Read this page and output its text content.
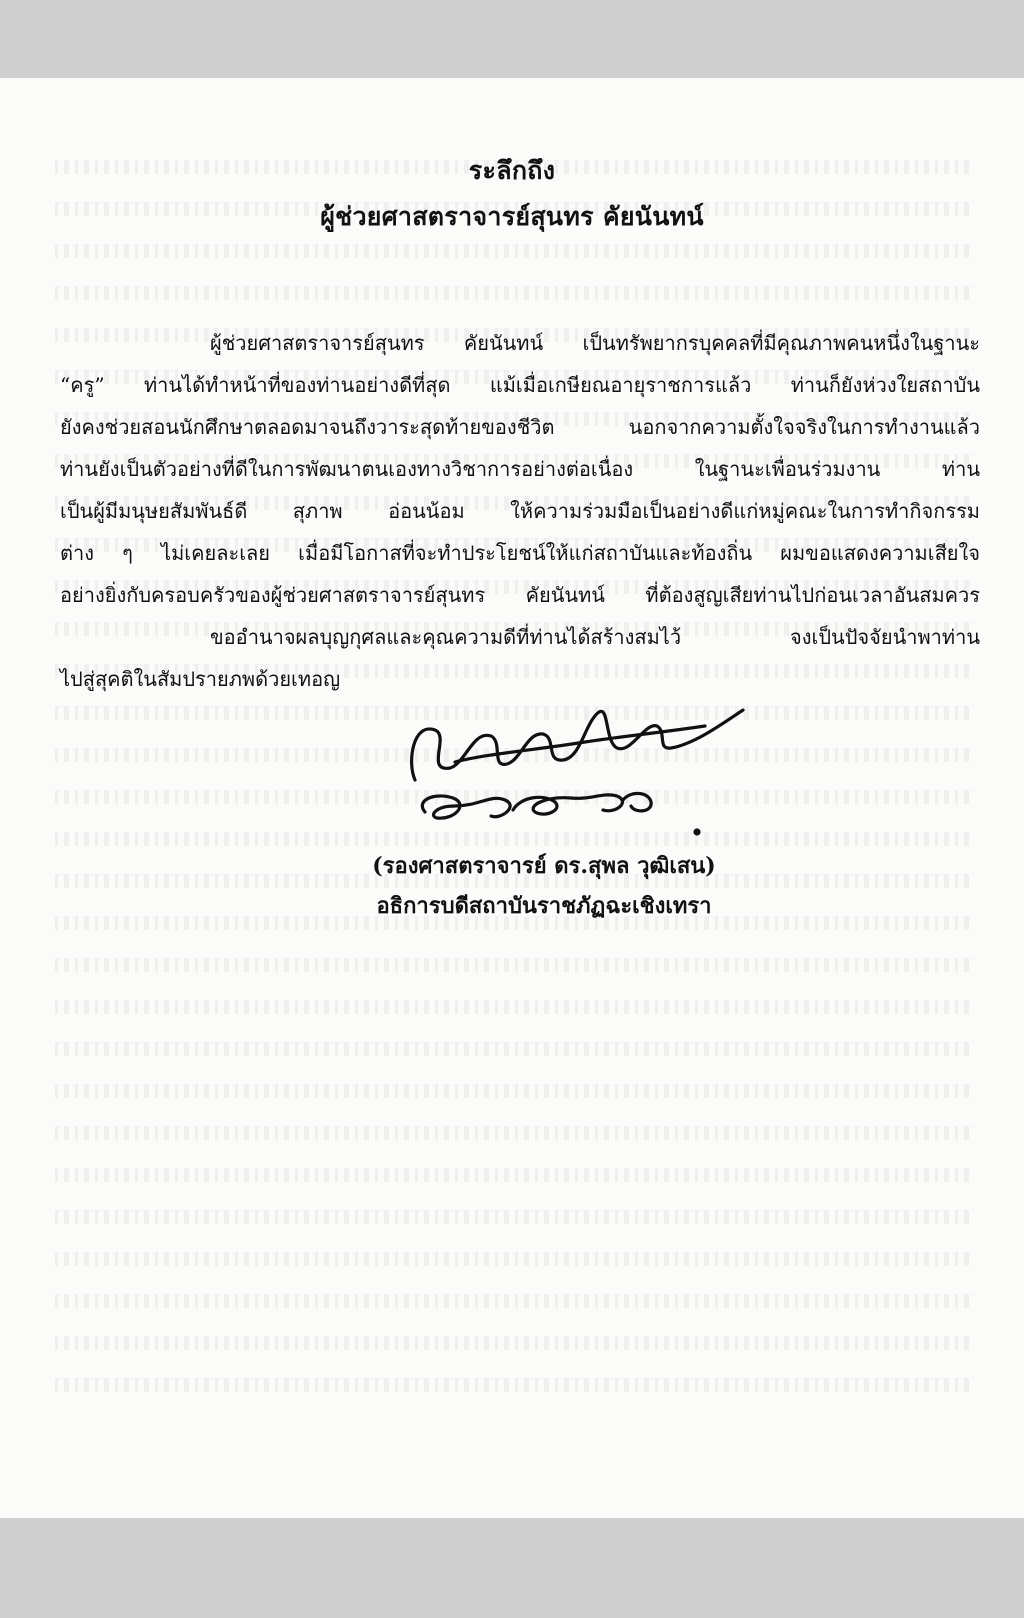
ระลึกถึง
ผู้ช่วยศาสตราจารย์สุนทร คัยนันทน์
ผู้ช่วยศาสตราจารย์สุนทร คัยนันทน์ เป็นทรัพยากรบุคคลที่มีคุณภาพคนหนึ่งในฐานะ
“ครู” ท่านได้ทำหน้าที่ของท่านอย่างดีที่สุด แม้เมื่อเกษียณอายุราชการแล้ว ท่านก็ยังห่วงใยสถาบัน
ยังคงช่วยสอนนักศึกษาตลอดมาจนถึงวาระสุดท้ายของชีวิต นอกจากความตั้งใจจริงในการทำงานแล้ว
ท่านยังเป็นตัวอย่างที่ดีในการพัฒนาตนเองทางวิชาการอย่างต่อเนื่อง ในฐานะเพื่อนร่วมงาน ท่าน
เป็นผู้มีมนุษยสัมพันธ์ดี สุภาพ อ่อนน้อม ให้ความร่วมมือเป็นอย่างดีแก่หมู่คณะในการทำกิจกรรม
ต่าง ๆ ไม่เคยละเลย เมื่อมีโอกาสที่จะทำประโยชน์ให้แก่สถาบันและท้องถิ่น ผมขอแสดงความเสียใจ
อย่างยิ่งกับครอบครัวของผู้ช่วยศาสตราจารย์สุนทร คัยนันทน์ ที่ต้องสูญเสียท่านไปก่อนเวลาอันสมควร
ขออำนาจผลบุญกุศลและคุณความดีที่ท่านได้สร้างสมไว้ จงเป็นปัจจัยนำพาท่าน
ไปสู่สุคติในสัมปรายภพด้วยเทอญ
(รองศาสตราจารย์ ดร.สุพล วุฒิเสน)
อธิการบดีสถาบันราชภัฏฉะเชิงเทรา
